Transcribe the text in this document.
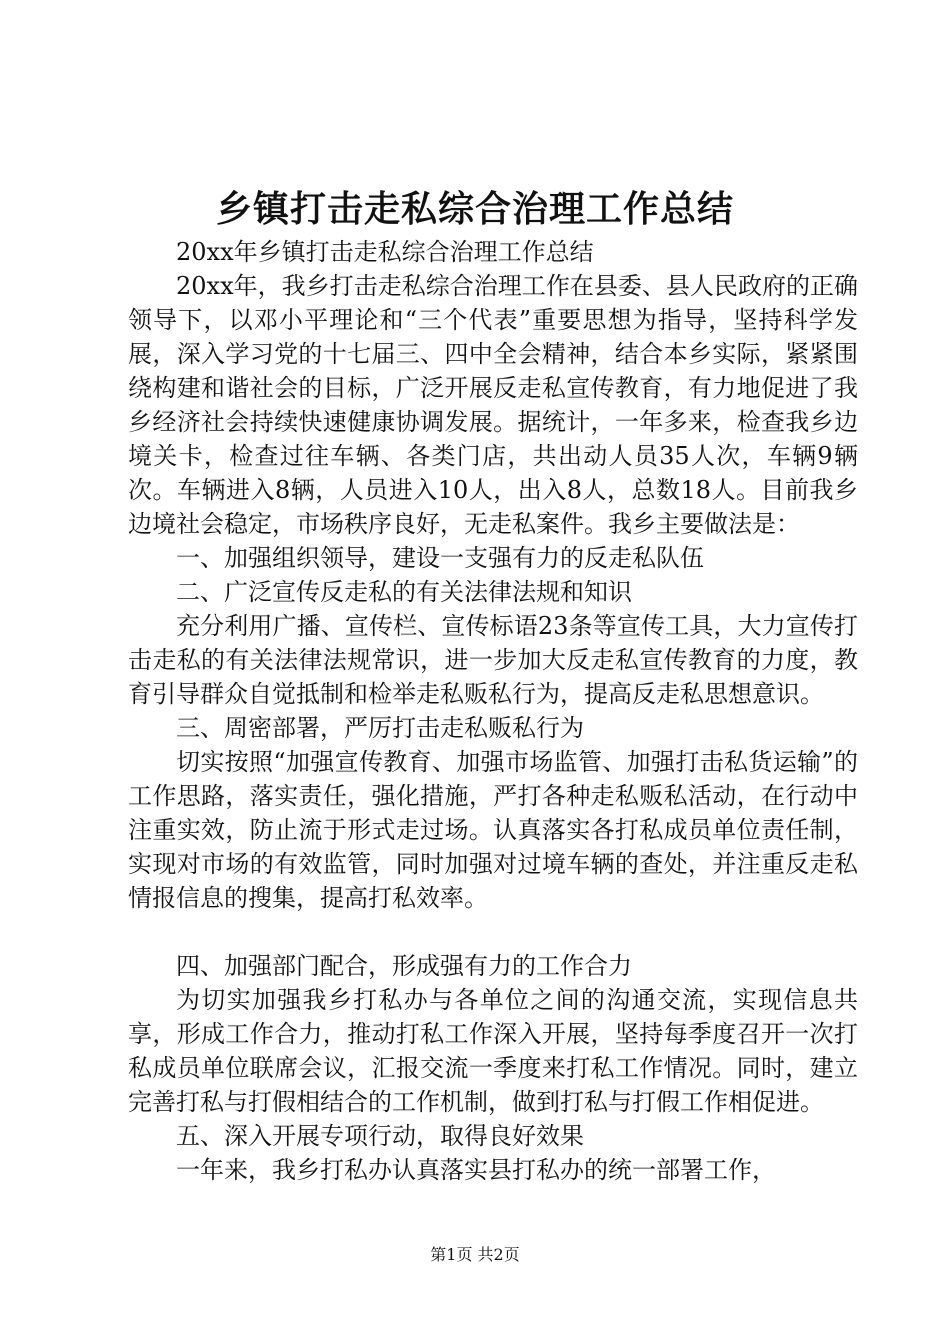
乡镇打击走私综合治理工作总结

20xx年乡镇打击走私综合治理工作总结

20xx年，我乡打击走私综合治理工作在县委、县人民政府的正确领导下，以邓小平理论和“三个代表”重要思想为指导，坚持科学发展，深入学习党的十七届三、四中全会精神，结合本乡实际，紧紧围绕构建和谐社会的目标，广泛开展反走私宣传教育，有力地促进了我乡经济社会持续快速健康协调发展。据统计，一年多来，检查我乡边境关卡，检查过往车辆、各类门店，共出动人员35人次，车辆9辆次。车辆进入8辆，人员进入10人，出入8人，总数18人。目前我乡边境社会稳定，市场秩序良好，无走私案件。我乡主要做法是：

一、加强组织领导，建设一支强有力的反走私队伍

二、广泛宣传反走私的有关法律法规和知识

充分利用广播、宣传栏、宣传标语23条等宣传工具，大力宣传打击走私的有关法律法规常识，进一步加大反走私宣传教育的力度，教育引导群众自觉抵制和检举走私贩私行为，提高反走私思想意识。

三、周密部署，严厉打击走私贩私行为

切实按照“加强宣传教育、加强市场监管、加强打击私货运输”的工作思路，落实责任，强化措施，严打各种走私贩私活动，在行动中注重实效，防止流于形式走过场。认真落实各打私成员单位责任制，实现对市场的有效监管，同时加强对过境车辆的查处，并注重反走私情报信息的搜集，提高打私效率。

四、加强部门配合，形成强有力的工作合力

为切实加强我乡打私办与各单位之间的沟通交流，实现信息共享，形成工作合力，推动打私工作深入开展，坚持每季度召开一次打私成员单位联席会议，汇报交流一季度来打私工作情况。同时，建立完善打私与打假相结合的工作机制，做到打私与打假工作相促进。

五、深入开展专项行动，取得良好效果

一年来，我乡打私办认真落实县打私办的统一部署工作，

第1页 共2页
